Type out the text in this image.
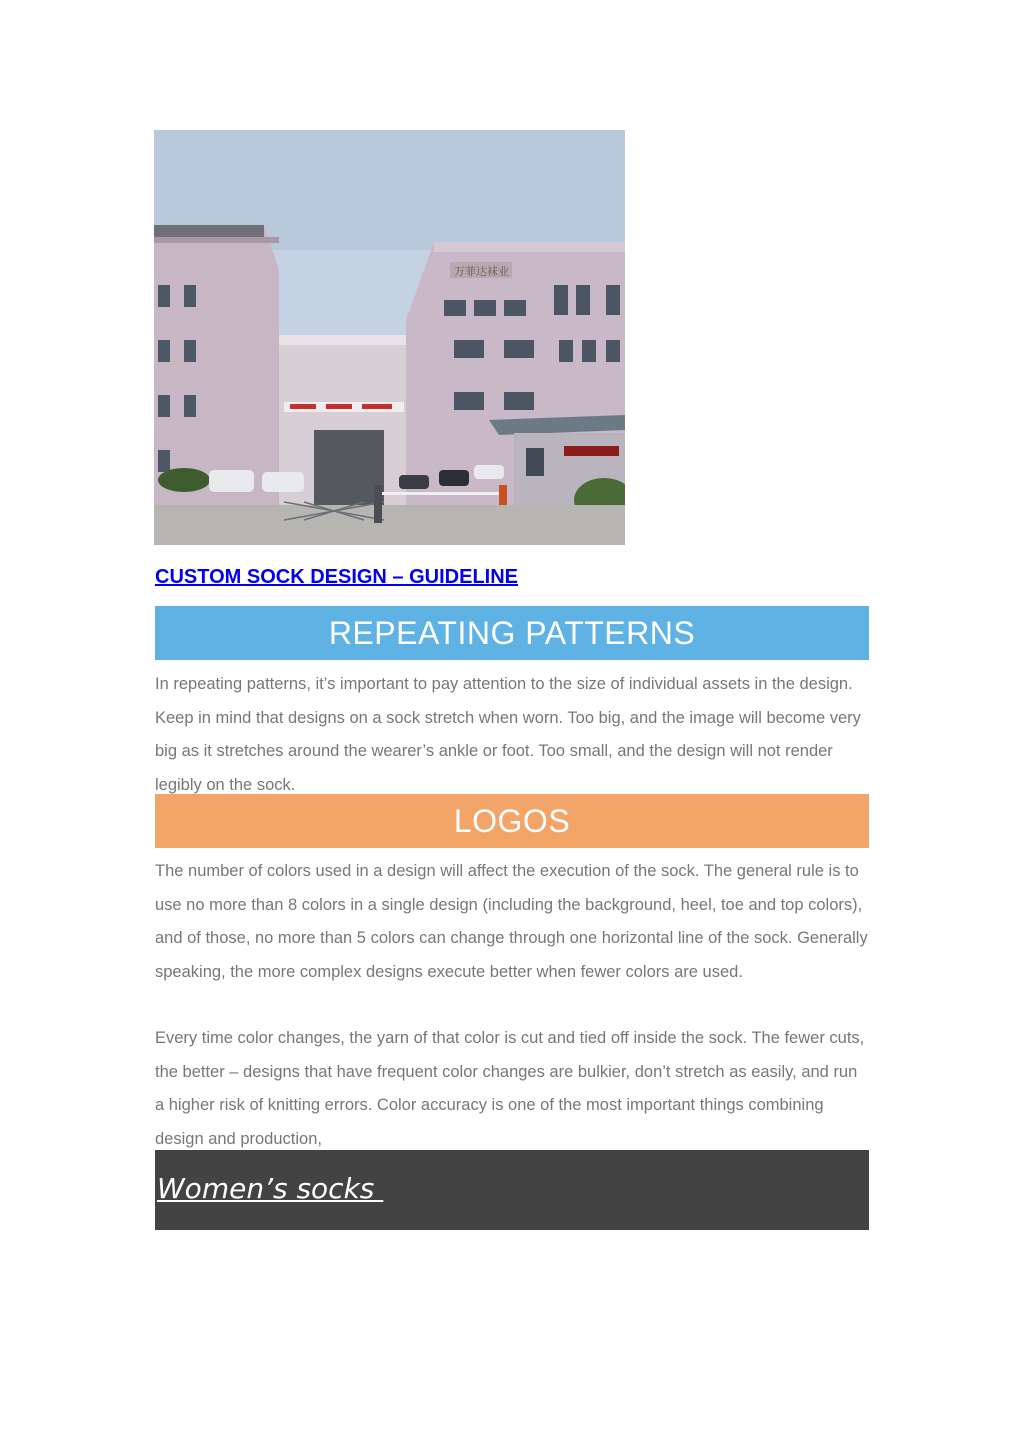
万菲达袜业
CUSTOM SOCK DESIGN – GUIDELINE
REPEATING PATTERNS

In repeating patterns, it’s important to pay attention to the size of individual assets in the design. Keep in mind that designs on a sock stretch when worn. Too big, and the image will become very big as it stretches around the wearer’s ankle or foot. Too small, and the design will not render legibly on the sock.

LOGOS

The number of colors used in a design will affect the execution of the sock. The general rule is to use no more than 8 colors in a single design (including the background, heel, toe and top colors), and of those, no more than 5 colors can change through one horizontal line of the sock. Generally speaking, the more complex designs execute better when fewer colors are used.

Every time color changes, the yarn of that color is cut and tied off inside the sock. The fewer cuts, the better – designs that have frequent color changes are bulkier, don’t stretch as easily, and run a higher risk of knitting errors. Color accuracy is one of the most important things combining design and production,

Women’s socks
